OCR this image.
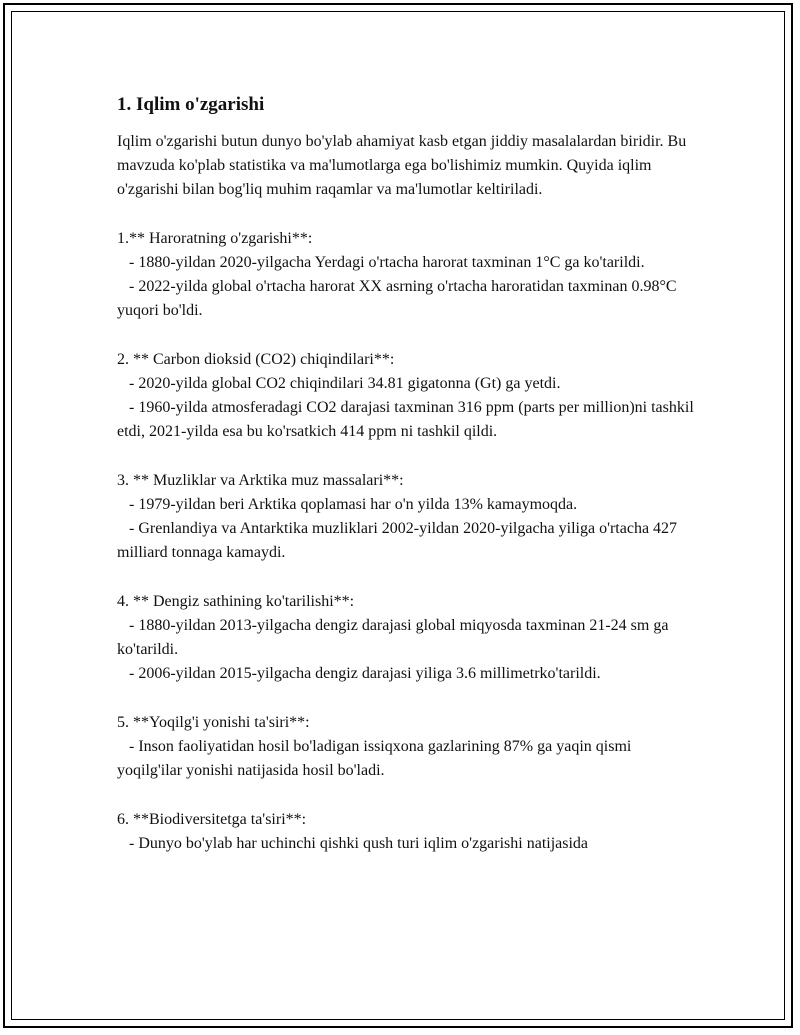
1. Iqlim o'zgarishi

Iqlim o'zgarishi butun dunyo bo'ylab ahamiyat kasb etgan jiddiy masalalardan biridir. Bu mavzuda ko'plab statistika va ma'lumotlarga ega bo'lishimiz mumkin. Quyida iqlim o'zgarishi bilan bog'liq muhim raqamlar va ma'lumotlar keltiriladi.

1.** Haroratning o'zgarishi**:

- 1880-yildan 2020-yilgacha Yerdagi o'rtacha harorat taxminan 1°C ga ko'tarildi.

- 2022-yilda global o'rtacha harorat XX asrning o'rtacha haroratidan taxminan 0.98°C yuqori bo'ldi.

2. ** Carbon dioksid (CO2) chiqindilari**:

- 2020-yilda global CO2 chiqindilari 34.81 gigatonna (Gt) ga yetdi.

- 1960-yilda atmosferadagi CO2 darajasi taxminan 316 ppm (parts per million)ni tashkil etdi, 2021-yilda esa bu ko'rsatkich 414 ppm ni tashkil qildi.

3. ** Muzliklar va Arktika muz massalari**:

- 1979-yildan beri Arktika qoplamasi har o'n yilda 13% kamaymoqda.

- Grenlandiya va Antarktika muzliklari 2002-yildan 2020-yilgacha yiliga o'rtacha 427 milliard tonnaga kamaydi.

4. ** Dengiz sathining ko'tarilishi**:

- 1880-yildan 2013-yilgacha dengiz darajasi global miqyosda taxminan 21-24 sm ga ko'tarildi.

- 2006-yildan 2015-yilgacha dengiz darajasi yiliga 3.6 millimetrko'tarildi.

5. **Yoqilg'i yonishi ta'siri**:

- Inson faoliyatidan hosil bo'ladigan issiqxona gazlarining 87% ga yaqin qismi yoqilg'ilar yonishi natijasida hosil bo'ladi.

6. **Biodiversitetga ta'siri**:

- Dunyo bo'ylab har uchinchi qishki qush turi iqlim o'zgarishi natijasida
